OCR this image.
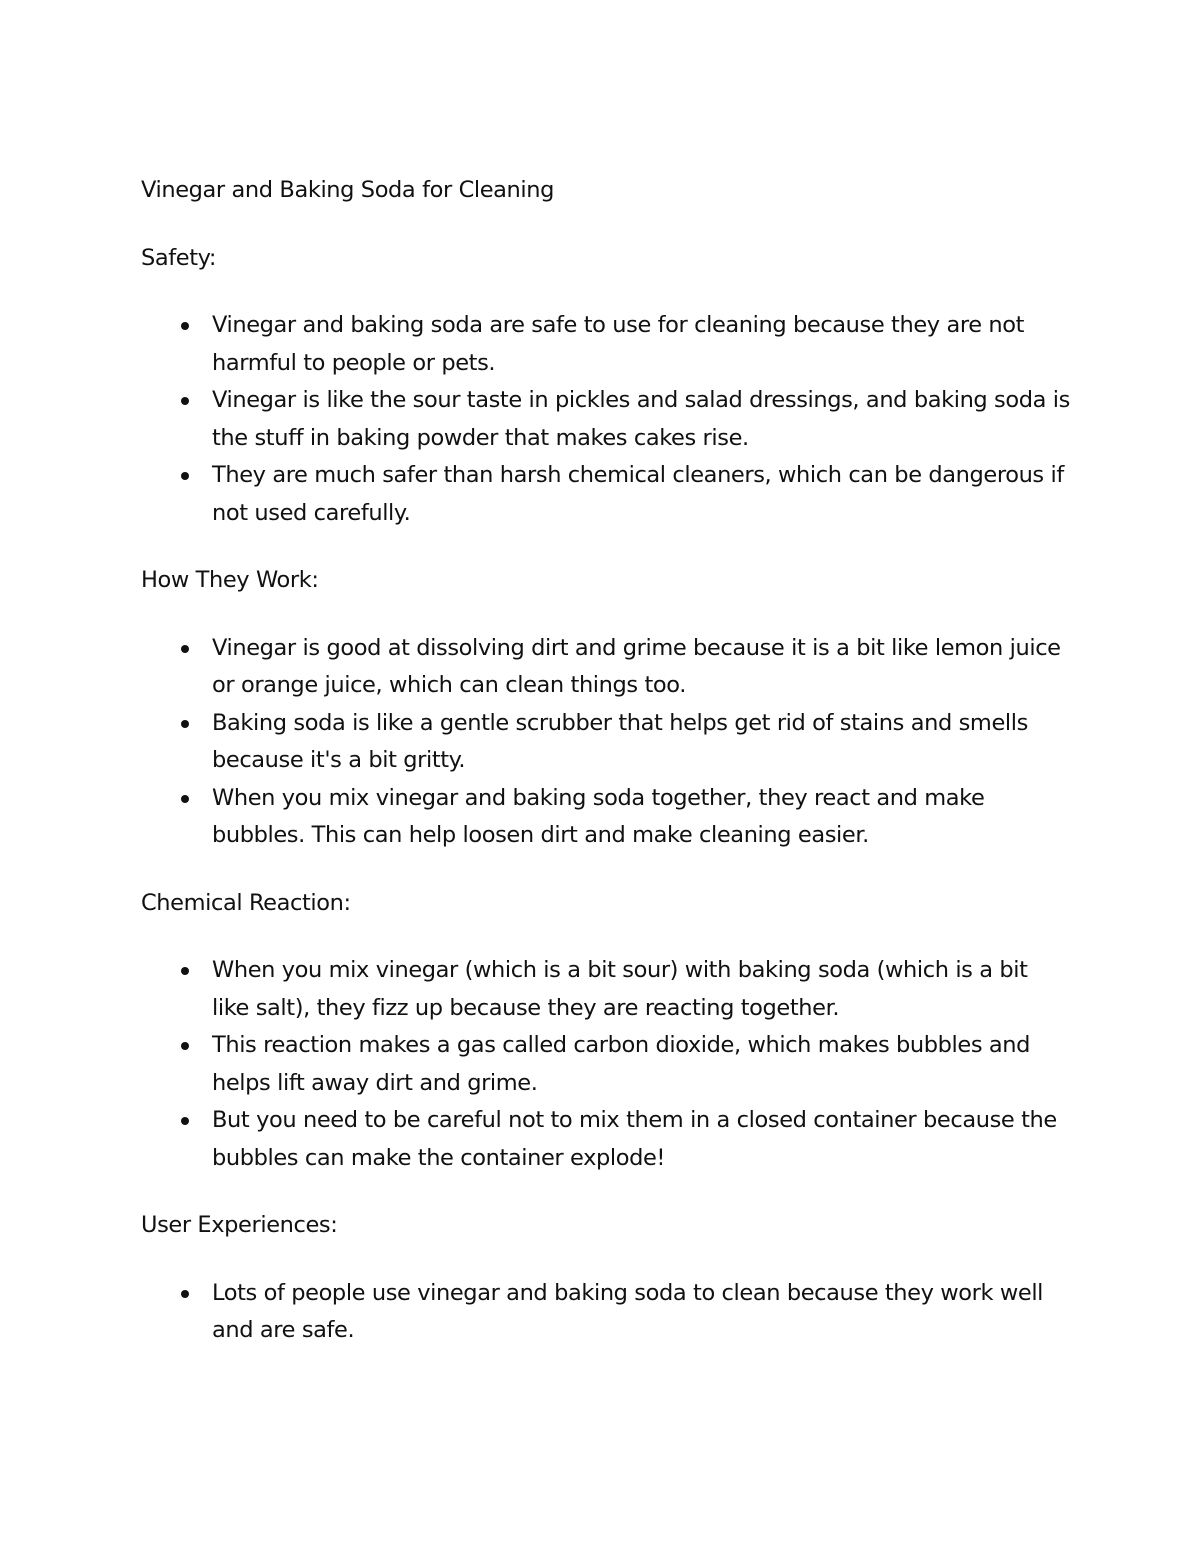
Vinegar and Baking Soda for Cleaning

Safety:

Vinegar and baking soda are safe to use for cleaning because they are not harmful to people or pets.
Vinegar is like the sour taste in pickles and salad dressings, and baking soda is the stuff in baking powder that makes cakes rise.
They are much safer than harsh chemical cleaners, which can be dangerous if not used carefully.

How They Work:

Vinegar is good at dissolving dirt and grime because it is a bit like lemon juice or orange juice, which can clean things too.
Baking soda is like a gentle scrubber that helps get rid of stains and smells because it's a bit gritty.
When you mix vinegar and baking soda together, they react and make bubbles. This can help loosen dirt and make cleaning easier.

Chemical Reaction:

When you mix vinegar (which is a bit sour) with baking soda (which is a bit like salt), they fizz up because they are reacting together.
This reaction makes a gas called carbon dioxide, which makes bubbles and helps lift away dirt and grime.
But you need to be careful not to mix them in a closed container because the bubbles can make the container explode!

User Experiences:

Lots of people use vinegar and baking soda to clean because they work well and are safe.
